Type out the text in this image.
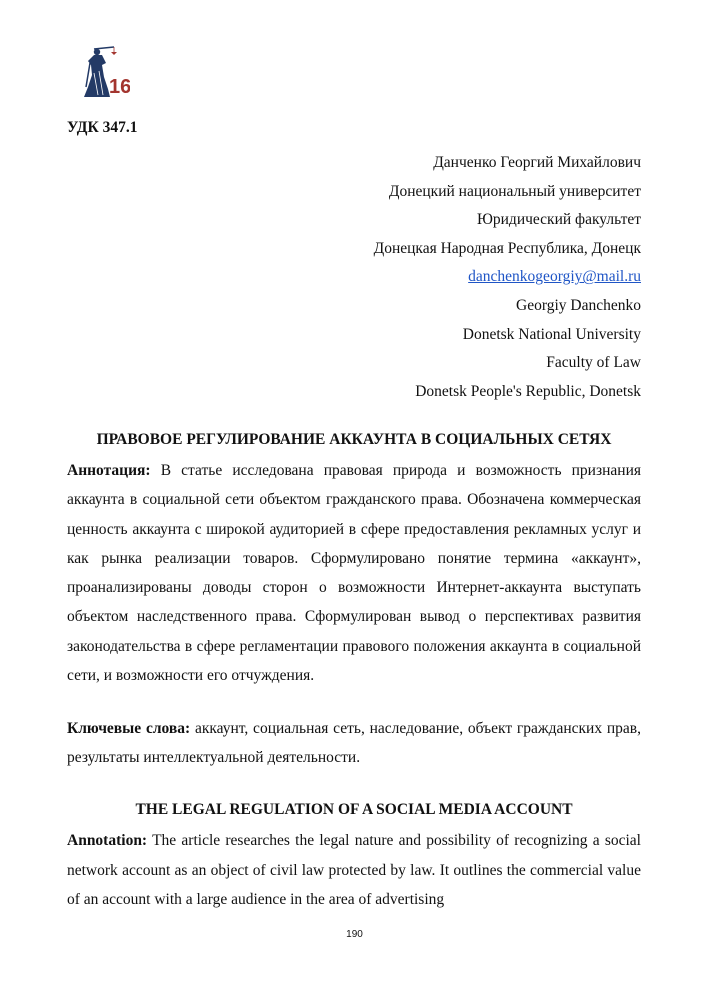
16
УДК 347.1
Данченко Георгий Михайлович
Донецкий национальный университет
Юридический факультет
Донецкая Народная Республика, Донецк
danchenkogeorgiy@mail.ru
Georgiy Danchenko
Donetsk National University
Faculty of Law
Donetsk People's Republic, Donetsk
ПРАВОВОЕ РЕГУЛИРОВАНИЕ АККАУНТА В СОЦИАЛЬНЫХ СЕТЯХ
Аннотация: В статье исследована правовая природа и возможность признания аккаунта в социальной сети объектом гражданского права. Обозначена коммерческая ценность аккаунта с широкой аудиторией в сфере предоставления рекламных услуг и как рынка реализации товаров. Сформулировано понятие термина «аккаунт», проанализированы доводы сторон о возможности Интернет-аккаунта выступать объектом наследственного права. Сформулирован вывод о перспективах развития законодательства в сфере регламентации правового положения аккаунта в социальной сети, и возможности его отчуждения.
Ключевые слова: аккаунт, социальная сеть, наследование, объект гражданских прав, результаты интеллектуальной деятельности.
THE LEGAL REGULATION OF A SOCIAL MEDIA ACCOUNT
Annotation: The article researches the legal nature and possibility of recognizing a social network account as an object of civil law protected by law. It outlines the commercial value of an account with a large audience in the area of advertising
190
